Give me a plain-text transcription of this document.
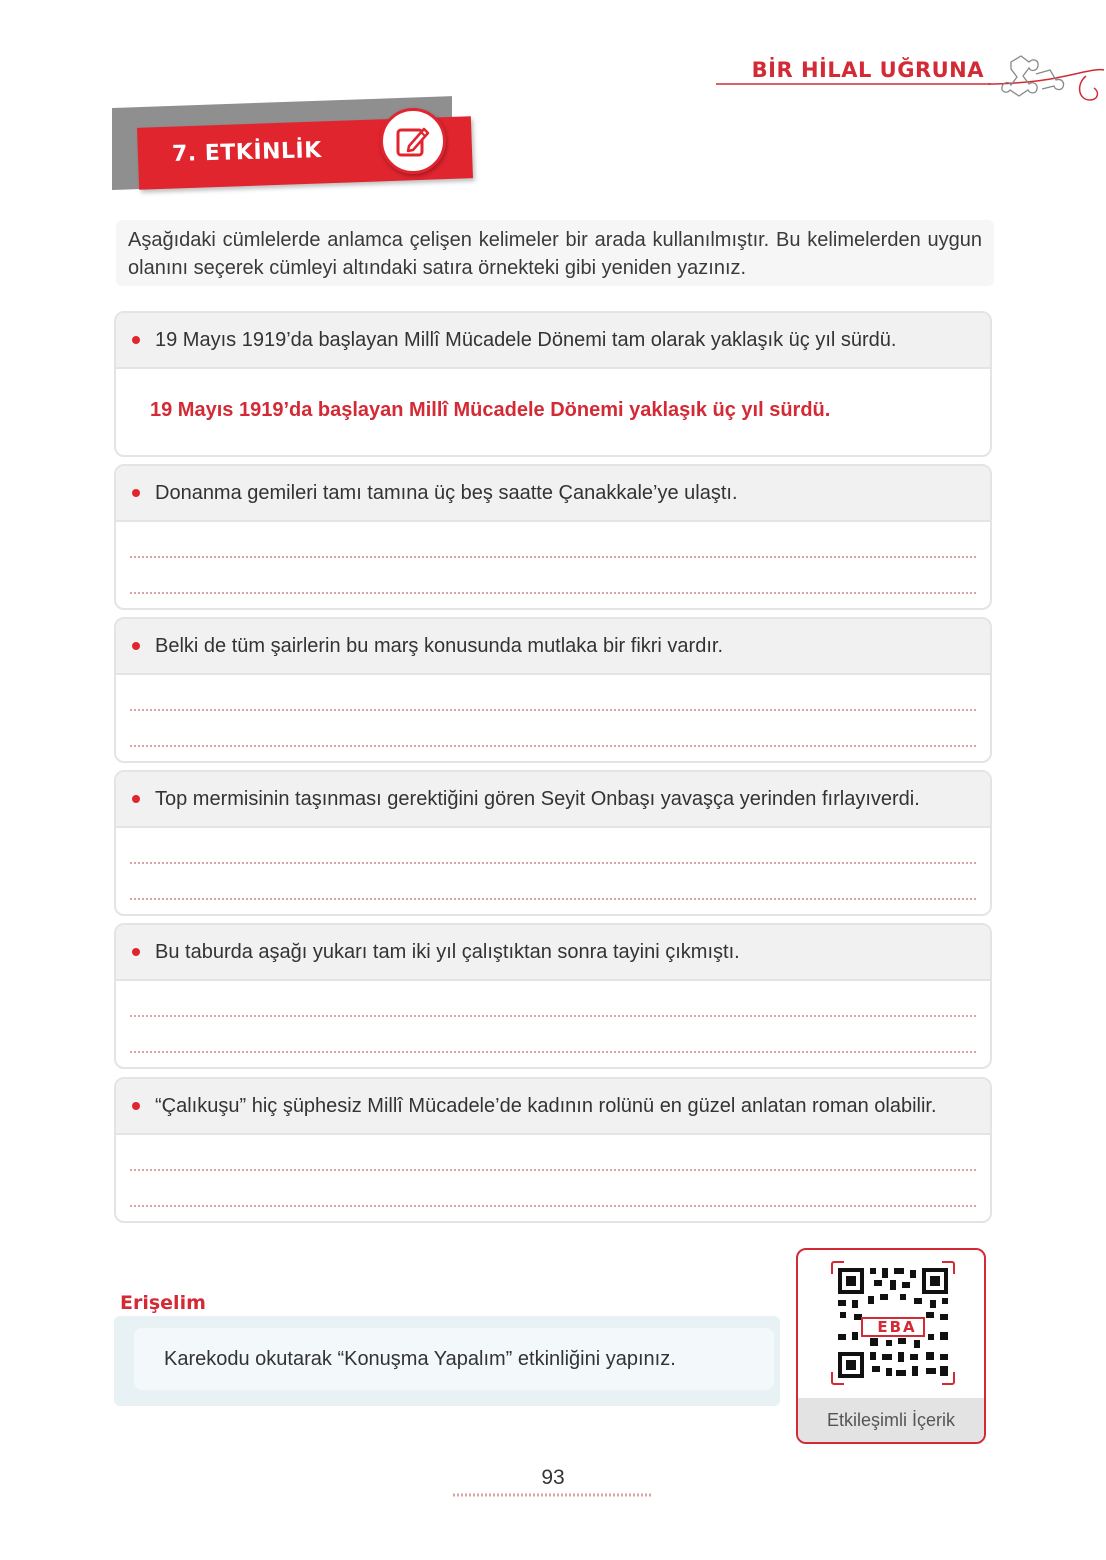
BİR HİLAL UĞRUNA
7. ETKİNLİK
Aşağıdaki cümlelerde anlamca çelişen kelimeler bir arada kullanılmıştır. Bu kelimelerden uygun olanını seçerek cümleyi altındaki satıra örnekteki gibi yeniden yazınız.
19 Mayıs 1919’da başlayan Millî Mücadele Dönemi tam olarak yaklaşık üç yıl sürdü.
19 Mayıs 1919’da başlayan Millî Mücadele Dönemi yaklaşık üç yıl sürdü.
Donanma gemileri tamı tamına üç beş saatte Çanakkale’ye ulaştı.
Belki de tüm şairlerin bu marş konusunda mutlaka bir fikri vardır.
Top mermisinin taşınması gerektiğini gören Seyit Onbaşı yavaşça yerinden fırlayıverdi.
Bu taburda aşağı yukarı tam iki yıl çalıştıktan sonra tayini çıkmıştı.
“Çalıkuşu” hiç şüphesiz Millî Mücadele’de kadının rolünü en güzel anlatan roman olabilir.
Erişelim
Karekodu okutarak “Konuşma Yapalım” etkinliğini yapınız.
EBA
Etkileşimli İçerik
93
